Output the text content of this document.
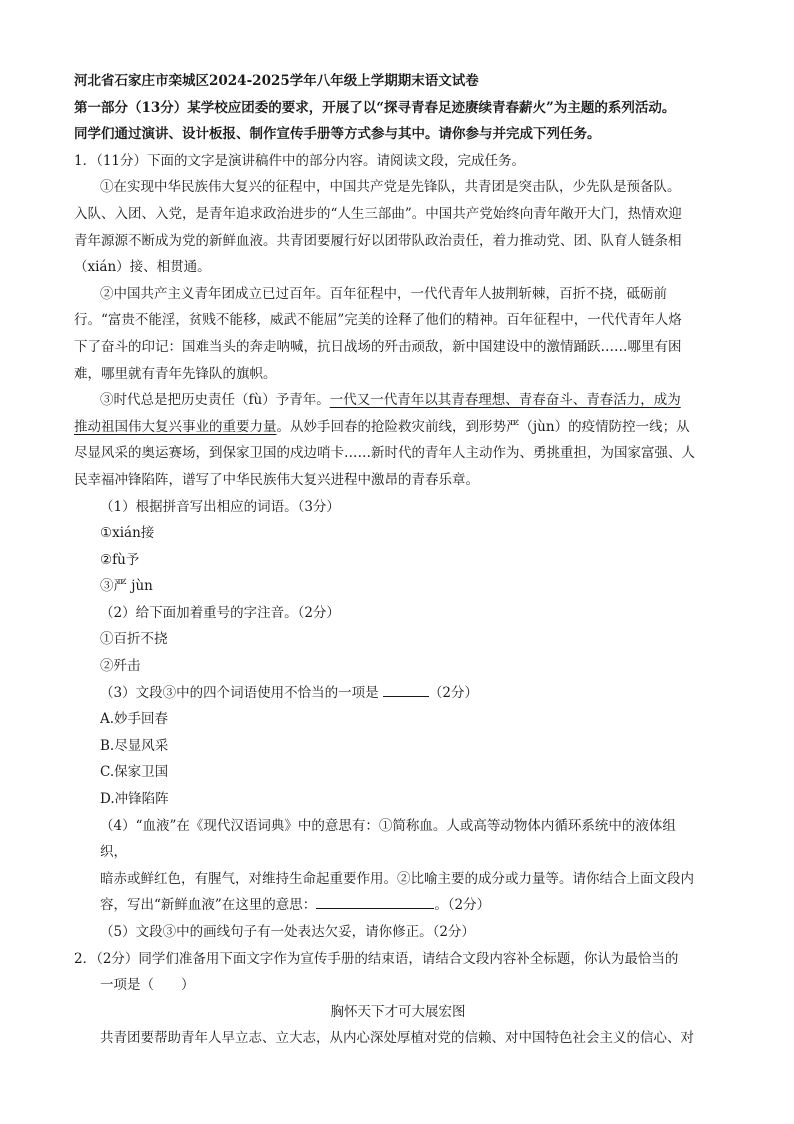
河北省石家庄市栾城区2024-2025学年八年级上学期期末语文试卷
第一部分（13分）某学校应团委的要求，开展了以“探寻青春足迹赓续青春薪火”为主题的系列活动。
同学们通过演讲、设计板报、制作宣传手册等方式参与其中。请你参与并完成下列任务。
1．（11分）下面的文字是演讲稿件中的部分内容。请阅读文段，完成任务。
①在实现中华民族伟大复兴的征程中，中国共产党是先锋队，共青团是突击队，少先队是预备队。
入队、入团、入党，是青年追求政治进步的“人生三部曲”。中国共产党始终向青年敞开大门，热情欢迎
青年源源不断成为党的新鲜血液。共青团要履行好以团带队政治责任，着力推动党、团、队育人链条相
（xián）接、相贯通。
②中国共产主义青年团成立已过百年。百年征程中，一代代青年人披荆斩棘，百折不挠，砥砺前
行。“富贵不能淫，贫贱不能移，威武不能屈”完美的诠释了他们的精神。百年征程中，一代代青年人烙
下了奋斗的印记：国难当头的奔走呐喊，抗日战场的歼击顽敌，新中国建设中的激情踊跃……哪里有困
难，哪里就有青年先锋队的旗帜。
③时代总是把历史责任（fù）予青年。一代又一代青年以其青春理想、青春奋斗、青春活力，成为
推动祖国伟大复兴事业的重要力量。从妙手回春的抢险救灾前线，到形势严（jùn）的疫情防控一线；从
尽显风采的奥运赛场，到保家卫国的戍边哨卡……新时代的青年人主动作为、勇挑重担，为国家富强、人
民幸福冲锋陷阵，谱写了中华民族伟大复兴进程中激昂的青春乐章。
（1）根据拼音写出相应的词语。（3分）
①xián接
②fù予
③严 jùn
（2）给下面加着重号的字注音。（2分）
①百折不挠
②歼击
（3）文段③中的四个词语使用不恰当的一项是	（2分）
A.妙手回春
B.尽显风采
C.保家卫国
D.冲锋陷阵
（4）“血液”在《现代汉语词典》中的意思有：①简称血。人或高等动物体内循环系统中的液体组
织，
暗赤或鲜红色，有腥气，对维持生命起重要作用。②比喻主要的成分或力量等。请你结合上面文段内
容，写出“新鲜血液”在这里的意思：	。（2分）
（5）文段③中的画线句子有一处表达欠妥，请你修正。（2分）
2．（2分）同学们准备用下面文字作为宣传手册的结束语，请结合文段内容补全标题，你认为最恰当的
一项是（　　）
胸怀天下才可大展宏图
共青团要帮助青年人早立志、立大志，从内心深处厚植对党的信赖、对中国特色社会主义的信心、对
